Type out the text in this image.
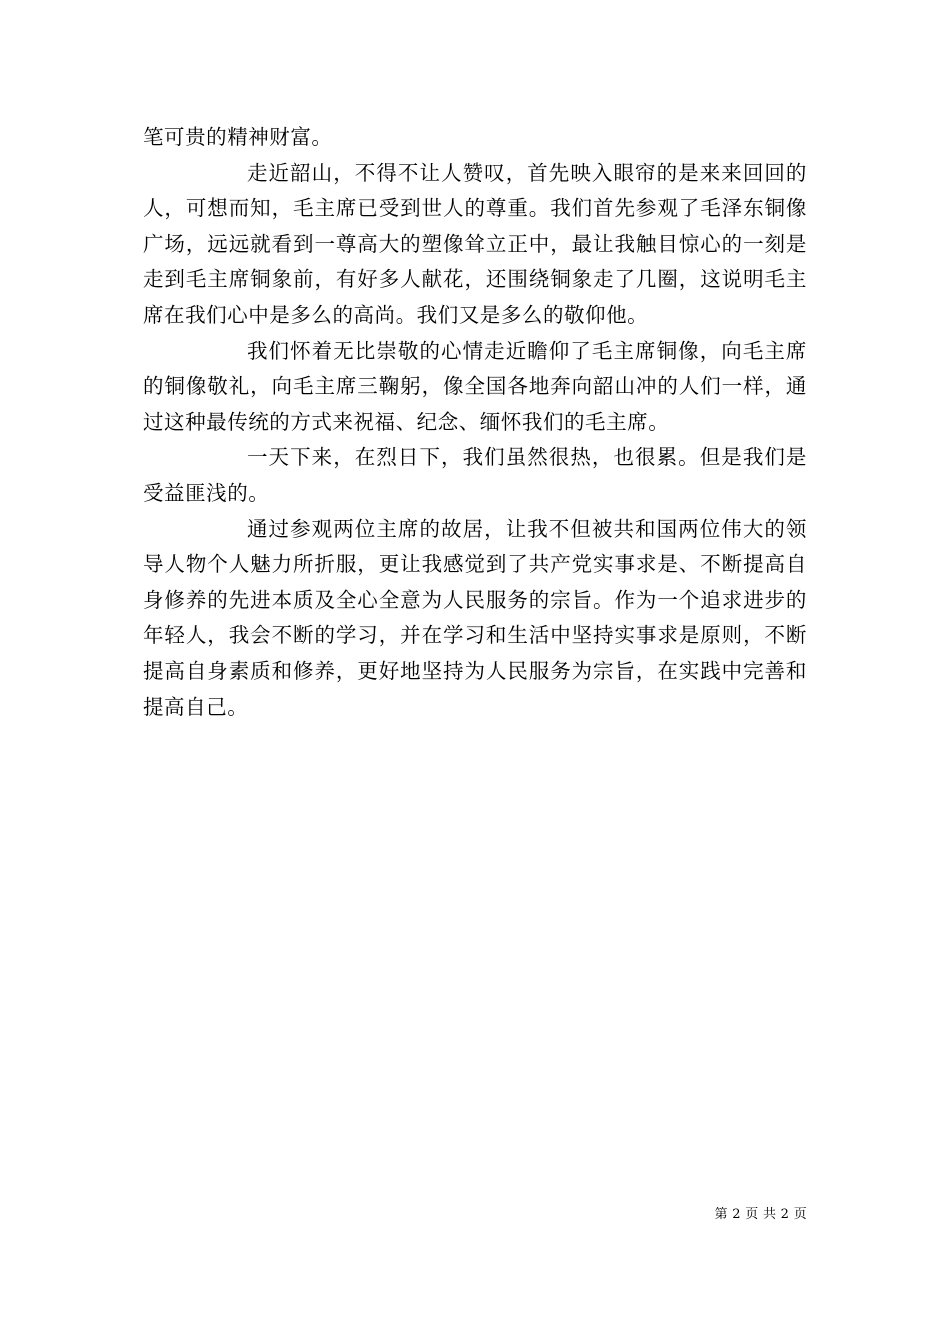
笔可贵的精神财富。

走近韶山，不得不让人赞叹，首先映入眼帘的是来来回回的人，可想而知，毛主席已受到世人的尊重。我们首先参观了毛泽东铜像广场，远远就看到一尊高大的塑像耸立正中，最让我触目惊心的一刻是走到毛主席铜象前，有好多人献花，还围绕铜象走了几圈，这说明毛主席在我们心中是多么的高尚。我们又是多么的敬仰他。

我们怀着无比崇敬的心情走近瞻仰了毛主席铜像，向毛主席的铜像敬礼，向毛主席三鞠躬，像全国各地奔向韶山冲的人们一样，通过这种最传统的方式来祝福、纪念、缅怀我们的毛主席。

一天下来，在烈日下，我们虽然很热，也很累。但是我们是受益匪浅的。

通过参观两位主席的故居，让我不但被共和国两位伟大的领导人物个人魅力所折服，更让我感觉到了共产党实事求是、不断提高自身修养的先进本质及全心全意为人民服务的宗旨。作为一个追求进步的年轻人，我会不断的学习，并在学习和生活中坚持实事求是原则，不断提高自身素质和修养，更好地坚持为人民服务为宗旨，在实践中完善和提高自己。

第 2 页 共 2 页
